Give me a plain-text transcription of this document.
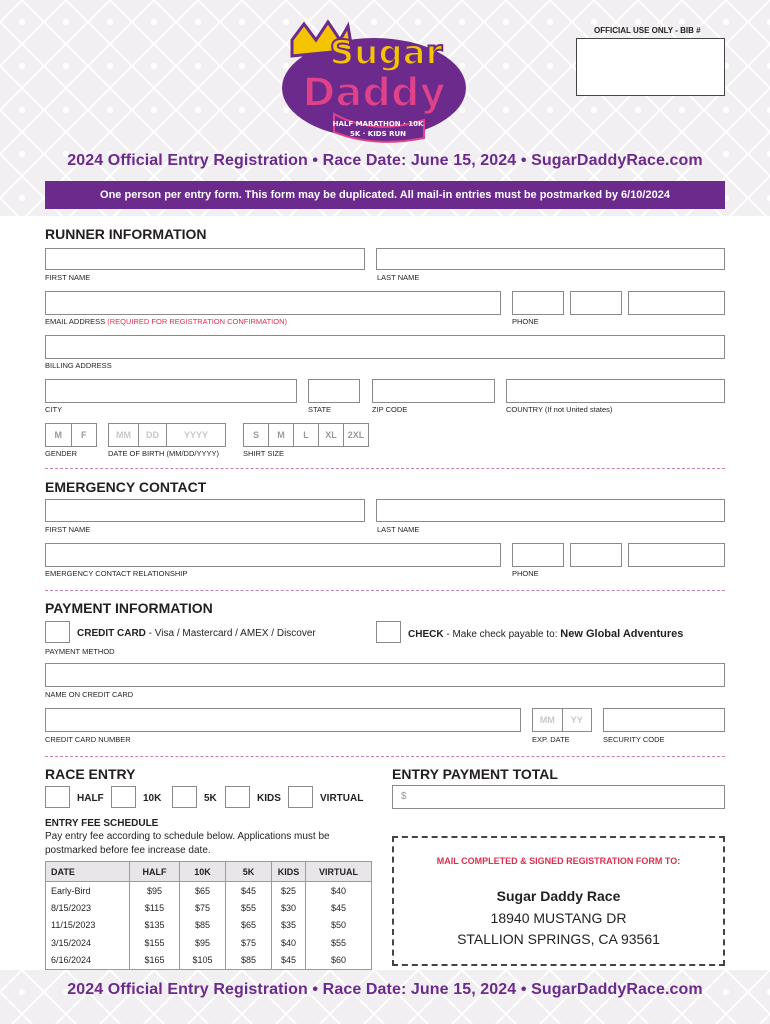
Sugar
Daddy
HALF MARATHON · 10K
5K · KIDS RUN
OFFICIAL USE ONLY - BIB #
2024 Official Entry Registration • Race Date: June 15, 2024 • SugarDaddyRace.com
One person per entry form. This form may be duplicated. All mail-in entries must be postmarked by 6/10/2024
RUNNER INFORMATION
FIRST NAME	LAST NAME
EMAIL ADDRESS (REQUIRED FOR REGISTRATION CONFIRMATION)	PHONE
BILLING ADDRESS
CITY	STATE	ZIP CODE	COUNTRY (If not United states)
M	F
GENDER
MM	DD	YYYY
DATE OF BIRTH (MM/DD/YYYY)
S	M	L	XL	2XL
SHIRT SIZE
EMERGENCY CONTACT
FIRST NAME	LAST NAME
EMERGENCY CONTACT RELATIONSHIP	PHONE
PAYMENT INFORMATION
CREDIT CARD - Visa / Mastercard / AMEX / Discover	CHECK - Make check payable to: New Global Adventures
PAYMENT METHOD
NAME ON CREDIT CARD
CREDIT CARD NUMBER
MM	YY
EXP. DATE	SECURITY CODE
RACE ENTRY
HALF	10K	5K	KIDS	VIRTUAL
ENTRY PAYMENT TOTAL
$
ENTRY FEE SCHEDULE
Pay entry fee according to schedule below. Applications must be postmarked before fee increase date.
DATE	HALF	10K	5K	KIDS	VIRTUAL
Early-Bird	$95	$65	$45	$25	$40
8/15/2023	$115	$75	$55	$30	$45
11/15/2023	$135	$85	$65	$35	$50
3/15/2024	$155	$95	$75	$40	$55
6/16/2024	$165	$105	$85	$45	$60
MAIL COMPLETED & SIGNED REGISTRATION FORM TO:
Sugar Daddy Race
18940 MUSTANG DR
STALLION SPRINGS, CA 93561
2024 Official Entry Registration • Race Date: June 15, 2024 • SugarDaddyRace.com
